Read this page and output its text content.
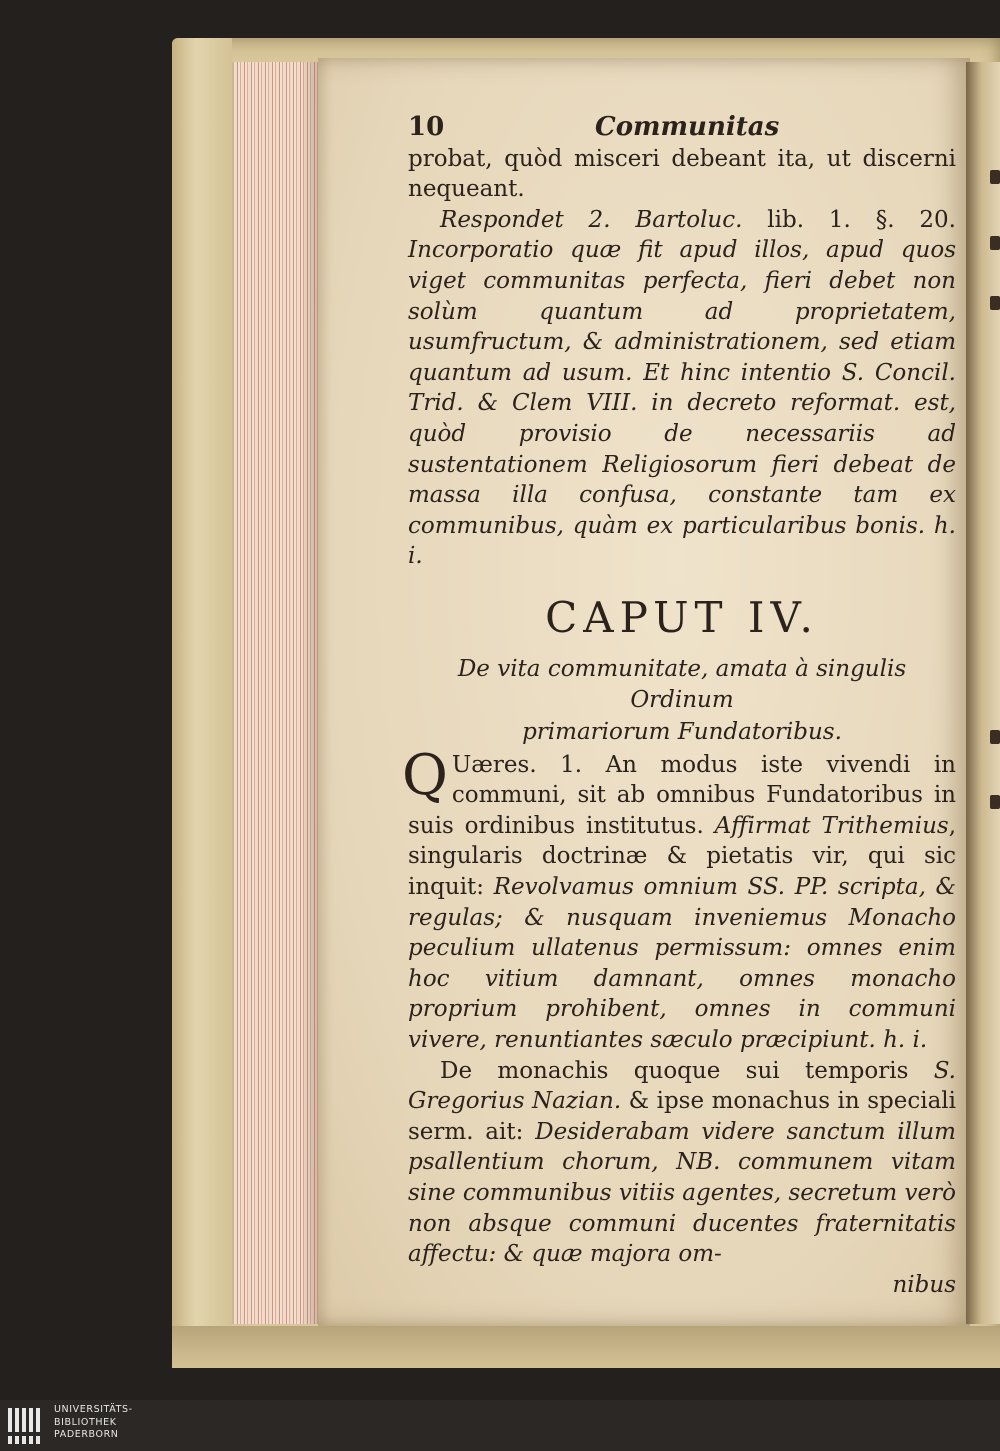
10	Communitas

probat, quòd misceri debeant ita, ut discerni nequeant.

Respondet 2. Bartoluc. lib. 1. §. 20. Incorporatio quæ fit apud illos, apud quos viget communitas perfecta, fieri debet non solùm quantum ad proprietatem, usumfructum, & administrationem, sed etiam quantum ad usum. Et hinc intentio S. Concil. Trid. & Clem VIII. in decreto reformat. est, quòd provisio de necessariis ad sustentationem Religiosorum fieri debeat de massa illa confusa, constante tam ex communibus, quàm ex particularibus bonis. h. i.

CAPUT IV.
De vita communitate, amata à singulis Ordinum
primariorum Fundatoribus.

Q Uæres. 1. An modus iste vivendi in communi, sit ab omnibus Fundatoribus in suis ordinibus institutus. Affirmat Trithemius, singularis doctrinæ & pietatis vir, qui sic inquit: Revolvamus omnium SS. PP. scripta, & regulas; & nusquam inveniemus Monacho peculium ullatenus permissum: omnes enim hoc vitium damnant, omnes monacho proprium prohibent, omnes in communi vivere, renuntiantes sæculo præcipiunt. h. i.

De monachis quoque sui temporis S. Gregorius Nazian. & ipse monachus in speciali serm. ait: Desiderabam videre sanctum illum psallentium chorum, NB. communem vitam sine communibus vitiis agentes, secretum verò non absque communi ducentes fraternitatis affectu: & quæ majora om-

nibus

UNIVERSITÄTS-
BIBLIOTHEK
PADERBORN
